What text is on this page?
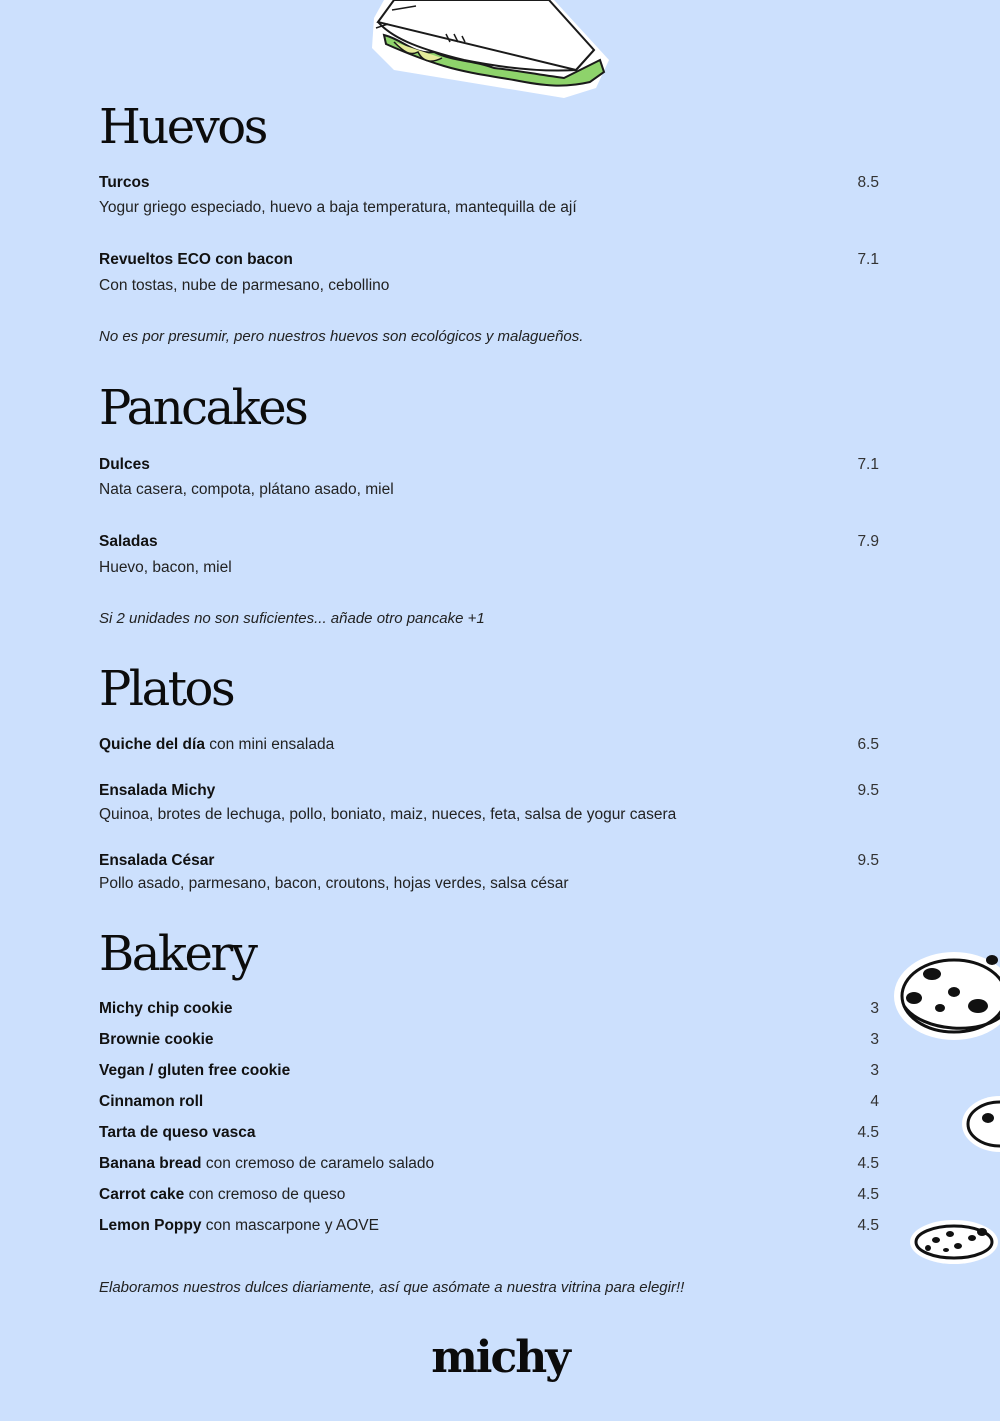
Huevos
Turcos	8.5
Yogur griego especiado, huevo a baja temperatura, mantequilla de ají
Revueltos ECO con bacon	7.1
Con tostas, nube de parmesano, cebollino
No es por presumir, pero nuestros huevos son ecológicos y malagueños.
Pancakes
Dulces	7.1
Nata casera, compota, plátano asado, miel
Saladas	7.9
Huevo, bacon, miel
Si 2 unidades no son suficientes... añade otro pancake +1
Platos
Quiche del día con mini ensalada	6.5
Ensalada Michy	9.5
Quinoa, brotes de lechuga, pollo, boniato, maiz, nueces, feta, salsa de yogur casera
Ensalada César	9.5
Pollo asado, parmesano, bacon, croutons, hojas verdes, salsa césar
Bakery
Michy chip cookie	3
Brownie cookie	3
Vegan / gluten free cookie	3
Cinnamon roll	4
Tarta de queso vasca	4.5
Banana bread con cremoso de caramelo salado	4.5
Carrot cake con cremoso de queso	4.5
Lemon Poppy con mascarpone y AOVE	4.5
Elaboramos nuestros dulces diariamente, así que asómate a nuestra vitrina para elegir!!
michy
